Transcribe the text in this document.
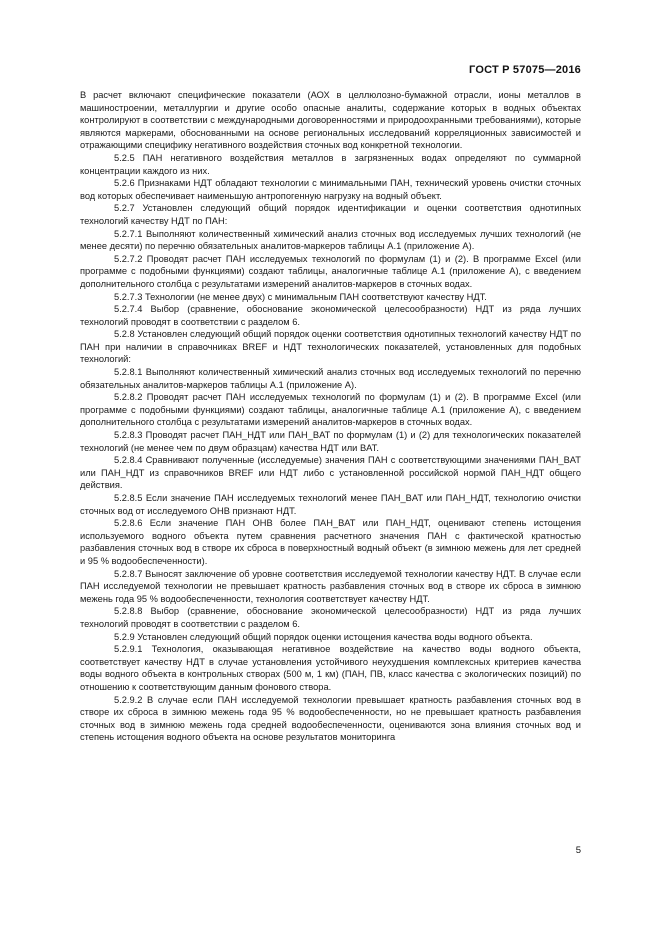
ГОСТ Р 57075—2016

В расчет включают специфические показатели (АОХ в целлюлозно-бумажной отрасли, ионы металлов в машиностроении, металлургии и другие особо опасные аналиты, содержание которых в водных объектах контролируют в соответствии с международными договоренностями и природоохранными требованиями), которые являются маркерами, обоснованными на основе региональных исследований корреляционных зависимостей и отражающими специфику негативного воздействия сточных вод конкретной технологии.

5.2.5 ПАН негативного воздействия металлов в загрязненных водах определяют по суммарной концентрации каждого из них.

5.2.6 Признаками НДТ обладают технологии с минимальными ПАН, технический уровень очистки сточных вод которых обеспечивает наименьшую антропогенную нагрузку на водный объект.

5.2.7 Установлен следующий общий порядок идентификации и оценки соответствия однотипных технологий качеству НДТ по ПАН:

5.2.7.1 Выполняют количественный химический анализ сточных вод исследуемых лучших технологий (не менее десяти) по перечню обязательных аналитов-маркеров таблицы А.1 (приложение А).

5.2.7.2 Проводят расчет ПАН исследуемых технологий по формулам (1) и (2). В программе Excel (или программе с подобными функциями) создают таблицы, аналогичные таблице А.1 (приложение А), с введением дополнительного столбца с результатами измерений аналитов-маркеров в сточных водах.

5.2.7.3 Технологии (не менее двух) с минимальным ПАН соответствуют качеству НДТ.

5.2.7.4 Выбор (сравнение, обоснование экономической целесообразности) НДТ из ряда лучших технологий проводят в соответствии с разделом 6.

5.2.8 Установлен следующий общий порядок оценки соответствия однотипных технологий качеству НДТ по ПАН при наличии в справочниках BREF и НДТ технологических показателей, установленных для подобных технологий:

5.2.8.1 Выполняют количественный химический анализ сточных вод исследуемых технологий по перечню обязательных аналитов-маркеров таблицы А.1 (приложение А).

5.2.8.2 Проводят расчет ПАН исследуемых технологий по формулам (1) и (2). В программе Excel (или программе с подобными функциями) создают таблицы, аналогичные таблице А.1 (приложение А), с введением дополнительного столбца с результатами измерений аналитов-маркеров в сточных водах.

5.2.8.3 Проводят расчет ПАН_НДТ или ПАН_BAT по формулам (1) и (2) для технологических показателей технологий (не менее чем по двум образцам) качества НДТ или BAT.

5.2.8.4 Сравнивают полученные (исследуемые) значения ПАН с соответствующими значениями ПАН_BAT или ПАН_НДТ из справочников BREF или НДТ либо с установленной российской нормой ПАН_НДТ общего действия.

5.2.8.5 Если значение ПАН исследуемых технологий менее ПАН_BAT или ПАН_НДТ, технологию очистки сточных вод от исследуемого ОНВ признают НДТ.

5.2.8.6 Если значение ПАН ОНВ более ПАН_BAT или ПАН_НДТ, оценивают степень истощения используемого водного объекта путем сравнения расчетного значения ПАН с фактической кратностью разбавления сточных вод в створе их сброса в поверхностный водный объект (в зимнюю межень для лет средней и 95 % водообеспеченности).

5.2.8.7 Выносят заключение об уровне соответствия исследуемой технологии качеству НДТ. В случае если ПАН исследуемой технологии не превышает кратность разбавления сточных вод в створе их сброса в зимнюю межень года 95 % водообеспеченности, технология соответствует качеству НДТ.

5.2.8.8 Выбор (сравнение, обоснование экономической целесообразности) НДТ из ряда лучших технологий проводят в соответствии с разделом 6.

5.2.9 Установлен следующий общий порядок оценки истощения качества воды водного объекта.

5.2.9.1 Технология, оказывающая негативное воздействие на качество воды водного объекта, соответствует качеству НДТ в случае установления устойчивого неухудшения комплексных критериев качества воды водного объекта в контрольных створах (500 м, 1 км) (ПАН, ПВ, класс качества с экологических позиций) по отношению к соответствующим данным фонового створа.

5.2.9.2 В случае если ПАН исследуемой технологии превышает кратность разбавления сточных вод в створе их сброса в зимнюю межень года 95 % водообеспеченности, но не превышает кратность разбавления сточных вод в зимнюю межень года средней водообеспеченности, оцениваются зона влияния сточных вод и степень истощения водного объекта на основе результатов мониторинга

5
